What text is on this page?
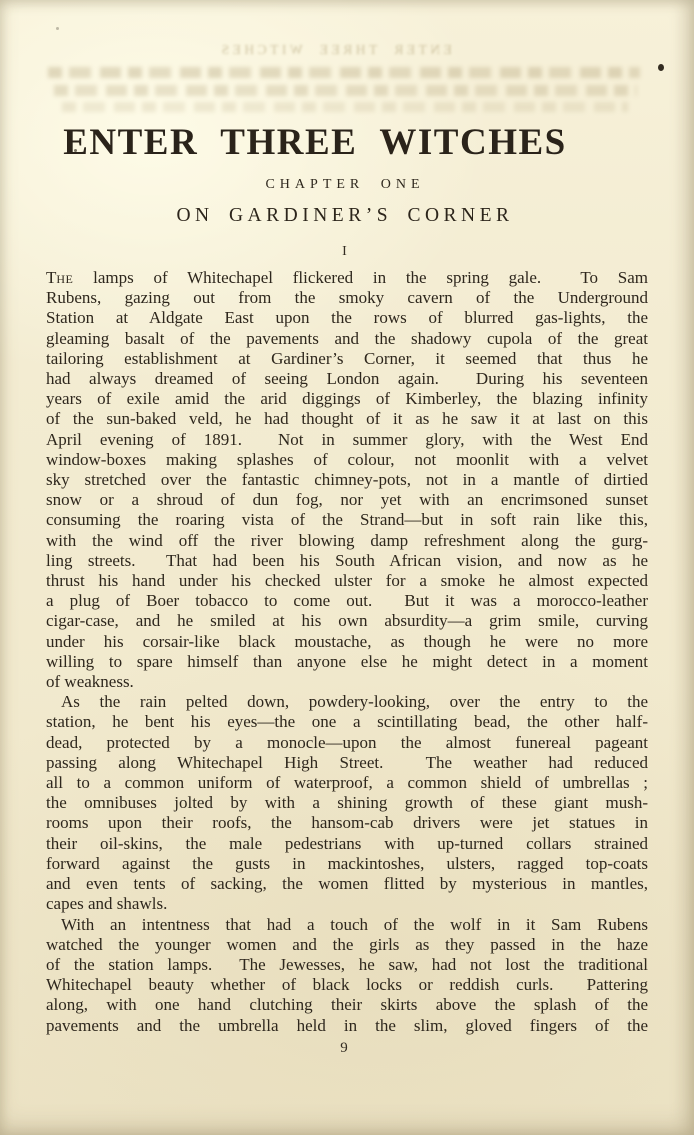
ENTER THREE WITCHES
ENTER THREE WITCHES
CHAPTER ONE
ON GARDINER’S CORNER
I
The lamps of Whitechapel flickered in the spring gale.  To Sam
Rubens, gazing out from the smoky cavern of the Underground
Station at Aldgate East upon the rows of blurred gas-lights, the
gleaming basalt of the pavements and the shadowy cupola of the great
tailoring establishment at Gardiner’s Corner, it seemed that thus he
had always dreamed of seeing London again.  During his seventeen
years of exile amid the arid diggings of Kimberley, the blazing infinity
of the sun-baked veld, he had thought of it as he saw it at last on this
April evening of 1891.  Not in summer glory, with the West End
window-boxes making splashes of colour, not moonlit with a velvet
sky stretched over the fantastic chimney-pots, not in a mantle of dirtied
snow or a shroud of dun fog, nor yet with an encrimsoned sunset
consuming the roaring vista of the Strand—but in soft rain like this,
with the wind off the river blowing damp refreshment along the gurg-
ling streets.  That had been his South African vision, and now as he
thrust his hand under his checked ulster for a smoke he almost expected
a plug of Boer tobacco to come out.  But it was a morocco-leather
cigar-case, and he smiled at his own absurdity—a grim smile, curving
under his corsair-like black moustache, as though he were no more
willing to spare himself than anyone else he might detect in a moment
of weakness.
As the rain pelted down, powdery-looking, over the entry to the
station, he bent his eyes—the one a scintillating bead, the other half-
dead, protected by a monocle—upon the almost funereal pageant
passing along Whitechapel High Street.  The weather had reduced
all to a common uniform of waterproof, a common shield of umbrellas ;
the omnibuses jolted by with a shining growth of these giant mush-
rooms upon their roofs, the hansom-cab drivers were jet statues in
their oil-skins, the male pedestrians with up-turned collars strained
forward against the gusts in mackintoshes, ulsters, ragged top-coats
and even tents of sacking, the women flitted by mysterious in mantles,
capes and shawls.
With an intentness that had a touch of the wolf in it Sam Rubens
watched the younger women and the girls as they passed in the haze
of the station lamps.  The Jewesses, he saw, had not lost the traditional
Whitechapel beauty whether of black locks or reddish curls.  Pattering
along, with one hand clutching their skirts above the splash of the
pavements and the umbrella held in the slim, gloved fingers of the
9
